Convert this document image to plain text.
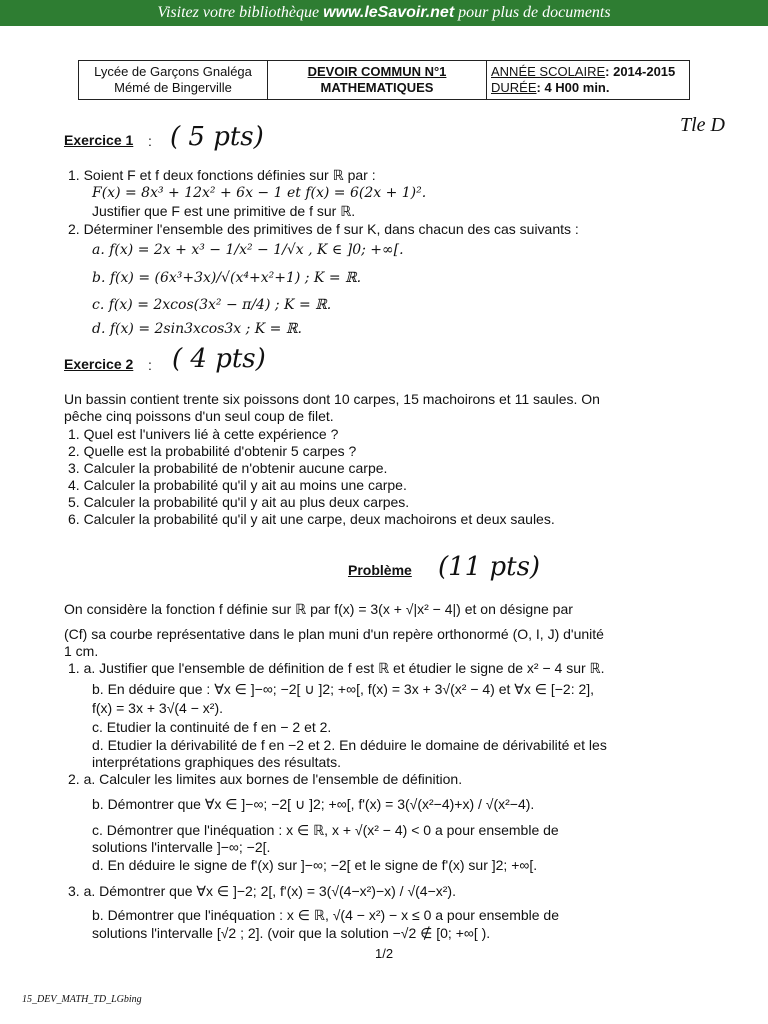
Visitez votre bibliothèque www.leSavoir.net pour plus de documents
Lycée de Garçons Gnaléga
Mémé de Bingerville

DEVOIR COMMUN N°1
MATHEMATIQUES

ANNÉE SCOLAIRE: 2014-2015
DURÉE: 4 H00 min.
Tle D
Exercice 1 : ( 5 pts)
1. Soient F et f deux fonctions définies sur ℝ par :
F(x) = 8x³ + 12x² + 6x − 1 et f(x) = 6(2x + 1)².
Justifier que F est une primitive de f sur ℝ.
2. Déterminer l'ensemble des primitives de f sur K, dans chacun des cas suivants :
a. f(x) = 2x + x³ − 1/x² − 1/√x , K ∈ ]0; +∞[.
b. f(x) = (6x³+3x)/√(x⁴+x²+1) ; K = ℝ.
c. f(x) = 2xcos(3x² − π/4) ; K = ℝ.
d. f(x) = 2sin3xcos3x ; K = ℝ.
Exercice 2 : ( 4 pts)
Un bassin contient trente six poissons dont 10 carpes, 15 machoirons et 11 saules. On
pêche cinq poissons d'un seul coup de filet.
1. Quel est l'univers lié à cette expérience ?
2. Quelle est la probabilité d'obtenir 5 carpes ?
3. Calculer la probabilité de n'obtenir aucune carpe.
4. Calculer la probabilité qu'il y ait au moins une carpe.
5. Calculer la probabilité qu'il y ait au plus deux carpes.
6. Calculer la probabilité qu'il y ait une carpe, deux machoirons et deux saules.
Problème (11 pts)
On considère la fonction f définie sur ℝ par f(x) = 3(x + √|x² − 4|) et on désigne par
(Cf) sa courbe représentative dans le plan muni d'un repère orthonormé (O, I, J) d'unité
1 cm.
1. a. Justifier que l'ensemble de définition de f est ℝ et étudier le signe de x² − 4 sur ℝ.
b. En déduire que : ∀x ∈ ]−∞; −2[ ∪ ]2; +∞[, f(x) = 3x + 3√(x² − 4) et ∀x ∈ [−2: 2],
f(x) = 3x + 3√(4 − x²).
c. Etudier la continuité de f en − 2 et 2.
d. Etudier la dérivabilité de f en −2 et 2. En déduire le domaine de dérivabilité et les
interprétations graphiques des résultats.
2. a. Calculer les limites aux bornes de l'ensemble de définition.
b. Démontrer que ∀x ∈ ]−∞; −2[ ∪ ]2; +∞[, f'(x) = 3(√(x²−4)+x) / √(x²−4).
c. Démontrer que l'inéquation : x ∈ ℝ, x + √(x² − 4) < 0 a pour ensemble de
solutions l'intervalle ]−∞; −2[.
d. En déduire le signe de f'(x) sur ]−∞; −2[ et le signe de f'(x) sur ]2; +∞[.
3. a. Démontrer que ∀x ∈ ]−2; 2[, f'(x) = 3(√(4−x²)−x) / √(4−x²).
b. Démontrer que l'inéquation : x ∈ ℝ, √(4 − x²) − x ≤ 0 a pour ensemble de
solutions l'intervalle [√2 ; 2]. (voir que la solution −√2 ∉ [0; +∞[ ).
1/2
15_DEV_MATH_TD_LGbing
